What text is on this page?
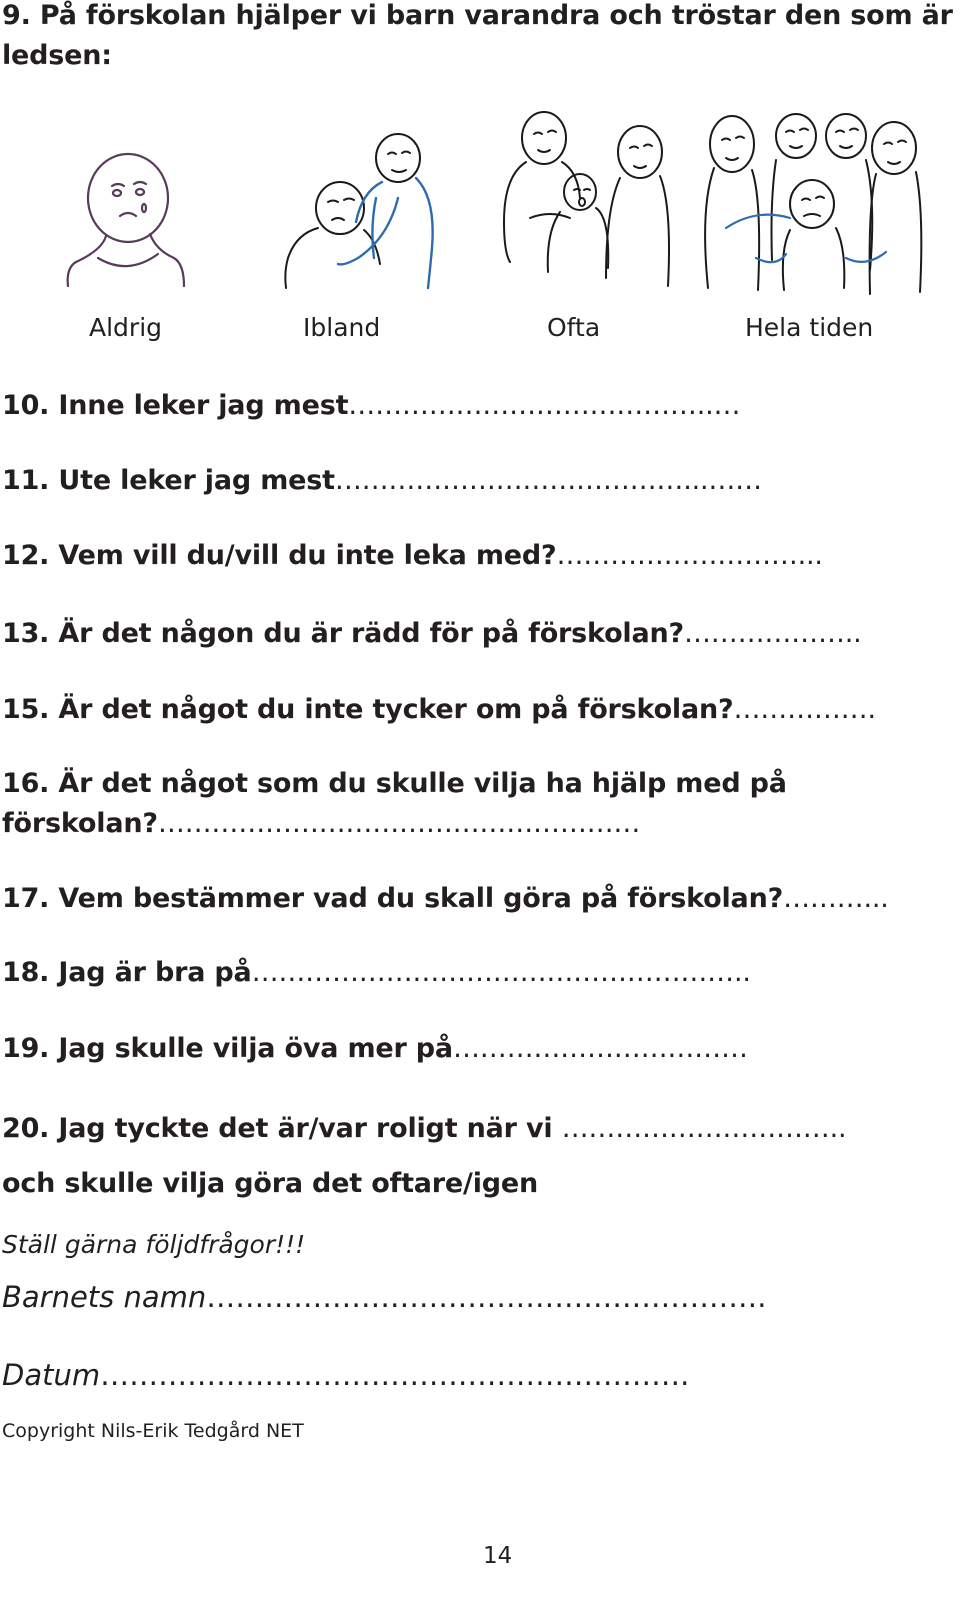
9. På förskolan hjälper vi barn varandra och tröstar den som är
ledsen:
Aldrig	Ibland	Ofta	Hela tiden
10. Inne leker jag mest…………………………………..…
11. Ute leker jag mest…………………………………...……
12. Vem vill du/vill du inte leka med?………………………...
13. Är det någon du är rädd för på förskolan?………………..
15. Är det något du inte tycker om på förskolan?…………….
16. Är det något som du skulle vilja ha hjälp med på
förskolan?………………………………………………
17. Vem bestämmer vad du skall göra på förskolan?………...
18. Jag är bra på………………………………………………..
19. Jag skulle vilja öva mer på……………………………
20. Jag tyckte det är/var roligt när vi …………………………..
och skulle vilja göra det oftare/igen
Ställ gärna följdfrågor!!!
Barnets namn………………………………………………….
Datum…………………………………………………….
Copyright Nils-Erik Tedgård NET
14
